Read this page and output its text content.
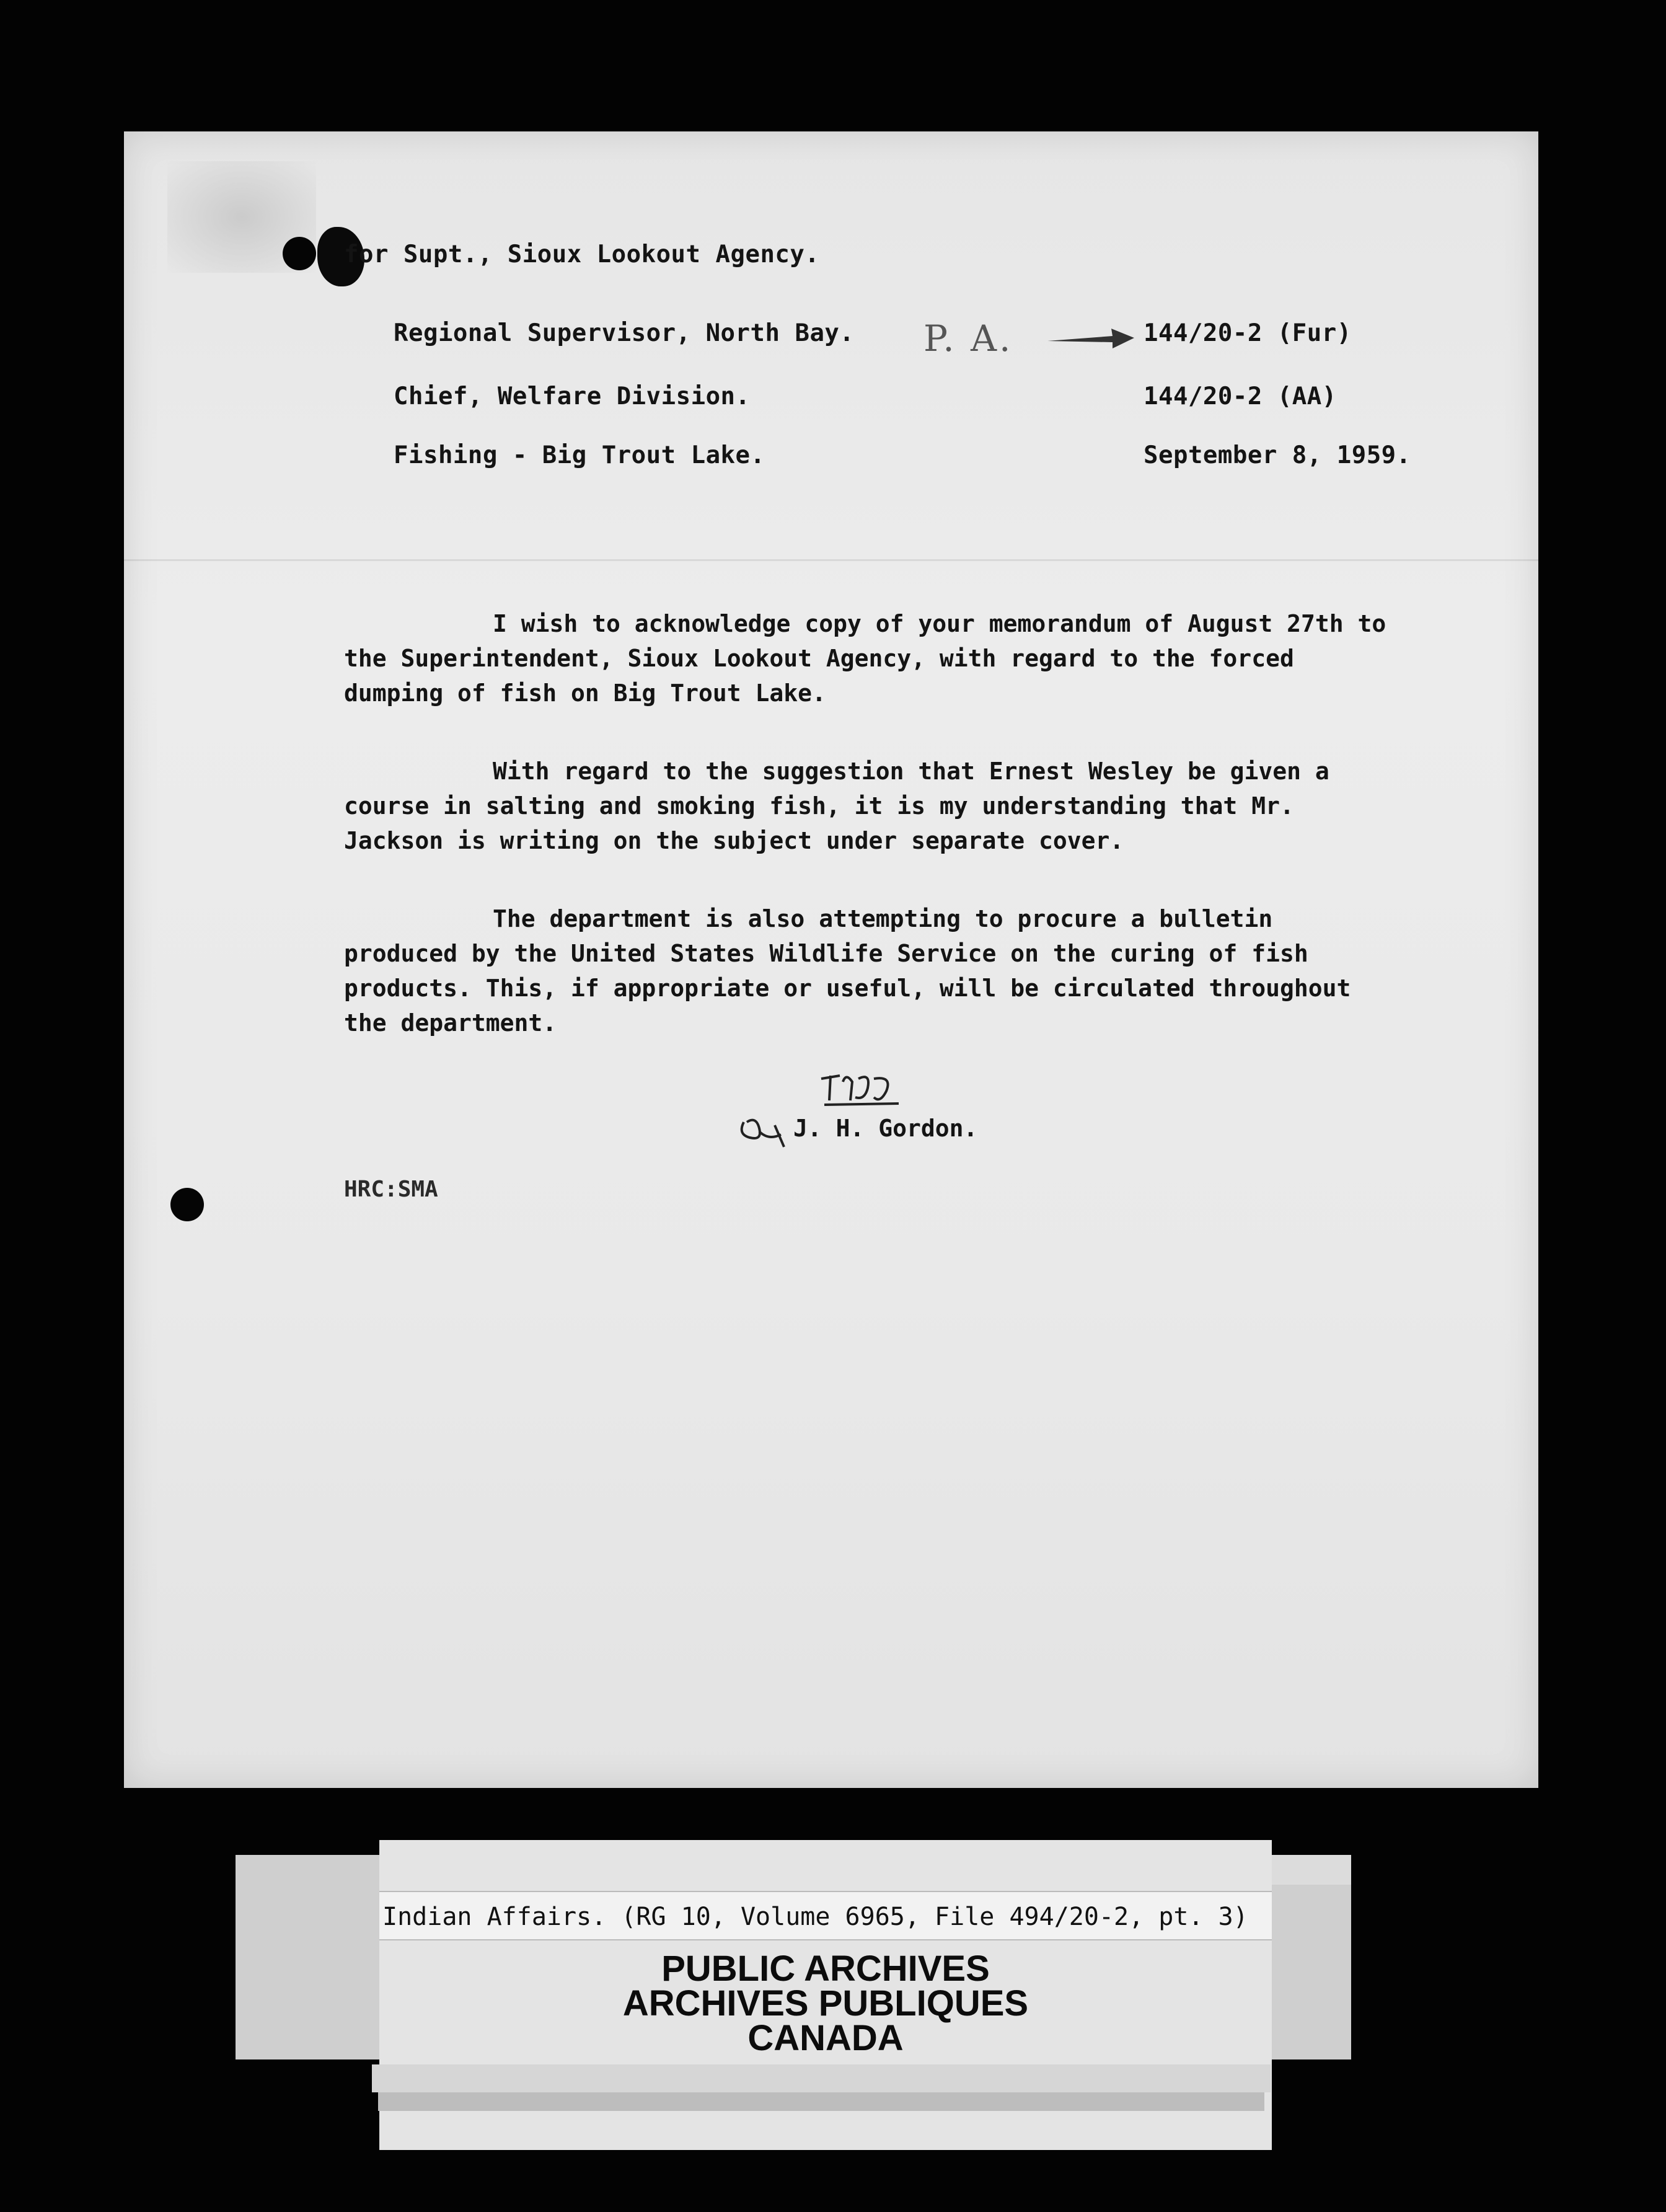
for Supt., Sioux Lookout Agency.
Regional Supervisor, North Bay.
Chief, Welfare Division.
Fishing - Big Trout Lake.
P. A.	144/20-2 (Fur)
144/20-2 (AA)
September 8, 1959.

I wish to acknowledge copy of your memorandum of August 27th to the Superintendent, Sioux Lookout Agency, with regard to the forced dumping of fish on Big Trout Lake.

With regard to the suggestion that Ernest Wesley be given a course in salting and smoking fish, it is my understanding that Mr. Jackson is writing on the subject under separate cover.

The department is also attempting to procure a bulletin produced by the United States Wildlife Service on the curing of fish products. This, if appropriate or useful, will be circulated throughout the department.

J. H. Gordon.
HRC:SMA
Indian Affairs. (RG 10, Volume 6965, File 494/20-2, pt. 3)
PUBLIC ARCHIVES
ARCHIVES PUBLIQUES
CANADA
